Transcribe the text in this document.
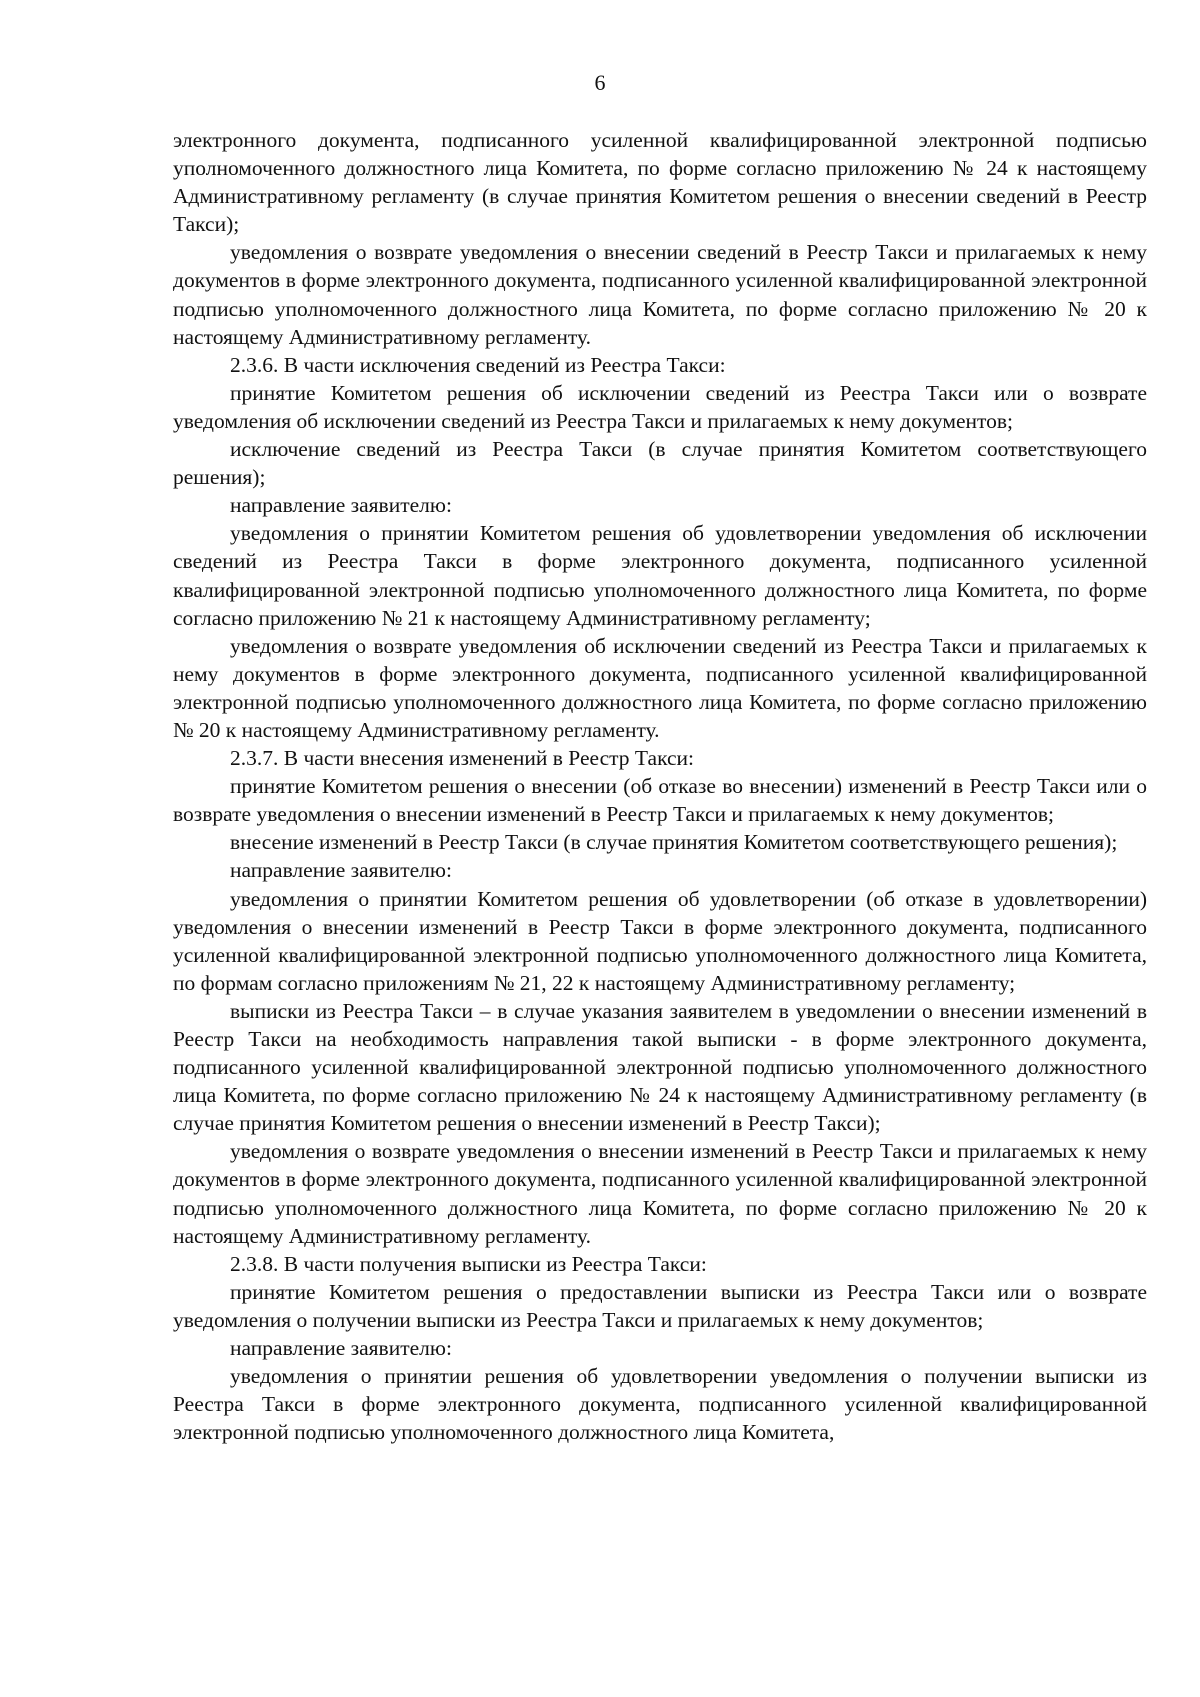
6

электронного документа, подписанного усиленной квалифицированной электронной подписью уполномоченного должностного лица Комитета, по форме согласно приложению № 24 к настоящему Административному регламенту (в случае принятия Комитетом решения о внесении сведений в Реестр Такси);

уведомления о возврате уведомления о внесении сведений в Реестр Такси и прилагаемых к нему документов в форме электронного документа, подписанного усиленной квалифицированной электронной подписью уполномоченного должностного лица Комитета, по форме согласно приложению № 20 к настоящему Административному регламенту.

2.3.6. В части исключения сведений из Реестра Такси:

принятие Комитетом решения об исключении сведений из Реестра Такси или о возврате уведомления об исключении сведений из Реестра Такси и прилагаемых к нему документов;

исключение сведений из Реестра Такси (в случае принятия Комитетом соответствующего решения);

направление заявителю:

уведомления о принятии Комитетом решения об удовлетворении уведомления об исключении сведений из Реестра Такси в форме электронного документа, подписанного усиленной квалифицированной электронной подписью уполномоченного должностного лица Комитета, по форме согласно приложению № 21 к настоящему Административному регламенту;

уведомления о возврате уведомления об исключении сведений из Реестра Такси и прилагаемых к нему документов в форме электронного документа, подписанного усиленной квалифицированной электронной подписью уполномоченного должностного лица Комитета, по форме согласно приложению № 20 к настоящему Административному регламенту.

2.3.7. В части внесения изменений в Реестр Такси:

принятие Комитетом решения о внесении (об отказе во внесении) изменений в Реестр Такси или о возврате уведомления о внесении изменений в Реестр Такси и прилагаемых к нему документов;

внесение изменений в Реестр Такси (в случае принятия Комитетом соответствующего решения);

направление заявителю:

уведомления о принятии Комитетом решения об удовлетворении (об отказе в удовлетворении) уведомления о внесении изменений в Реестр Такси в форме электронного документа, подписанного усиленной квалифицированной электронной подписью уполномоченного должностного лица Комитета, по формам согласно приложениям № 21, 22 к настоящему Административному регламенту;

выписки из Реестра Такси – в случае указания заявителем в уведомлении о внесении изменений в Реестр Такси на необходимость направления такой выписки - в форме электронного документа, подписанного усиленной квалифицированной электронной подписью уполномоченного должностного лица Комитета, по форме согласно приложению № 24 к настоящему Административному регламенту (в случае принятия Комитетом решения о внесении изменений в Реестр Такси);

уведомления о возврате уведомления о внесении изменений в Реестр Такси и прилагаемых к нему документов в форме электронного документа, подписанного усиленной квалифицированной электронной подписью уполномоченного должностного лица Комитета, по форме согласно приложению № 20 к настоящему Административному регламенту.

2.3.8. В части получения выписки из Реестра Такси:

принятие Комитетом решения о предоставлении выписки из Реестра Такси или о возврате уведомления о получении выписки из Реестра Такси и прилагаемых к нему документов;

направление заявителю:

уведомления о принятии решения об удовлетворении уведомления о получении выписки из Реестра Такси в форме электронного документа, подписанного усиленной квалифицированной электронной подписью уполномоченного должностного лица Комитета,
